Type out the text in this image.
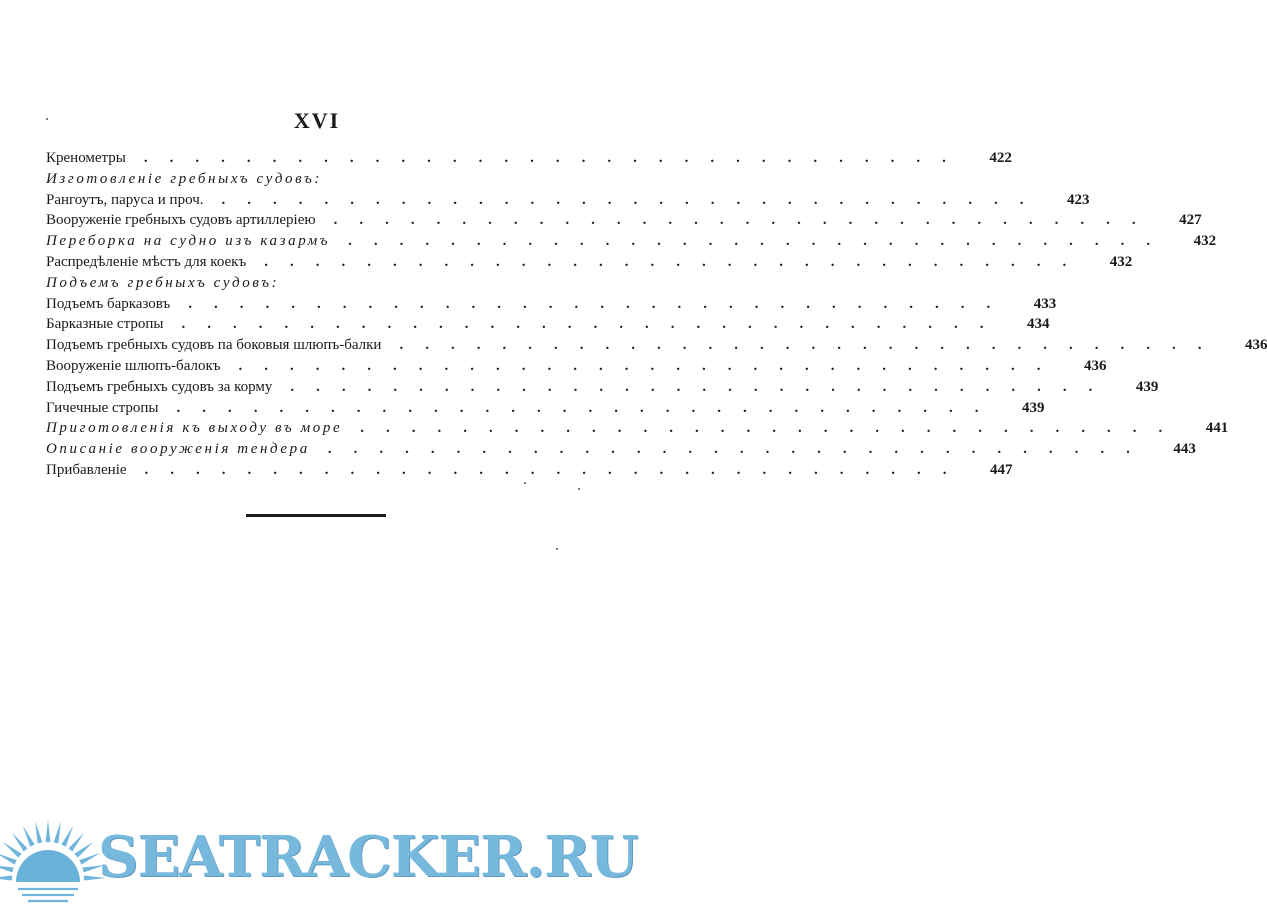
XVI
Кренометры	................................	422
Изготовленіе гребныхъ судовъ:
Рангоутъ, паруса и проч.	................................	423
Вооруженіе гребныхъ судовъ артиллеріею	................................	427
Переборка на судно изъ казармъ	................................	432
Распредѣленіе мѣстъ для коекъ	................................	432
Подъемъ гребныхъ судовъ:
Подъемъ барказовъ	................................	433
Барказные стропы	................................	434
Подъемъ гребныхъ судовъ па боковыя шлюпъ-балки	................................	436
Вооруженіе шлюпъ-балокъ	................................	436
Подъемъ гребныхъ судовъ за корму	................................	439
Гичечные стропы	................................	439
Приготовленія къ выходу въ море	................................	441
Описаніе вооруженія тендера	................................	443
Прибавленіе	................................	447
SEATRACKER.RU
